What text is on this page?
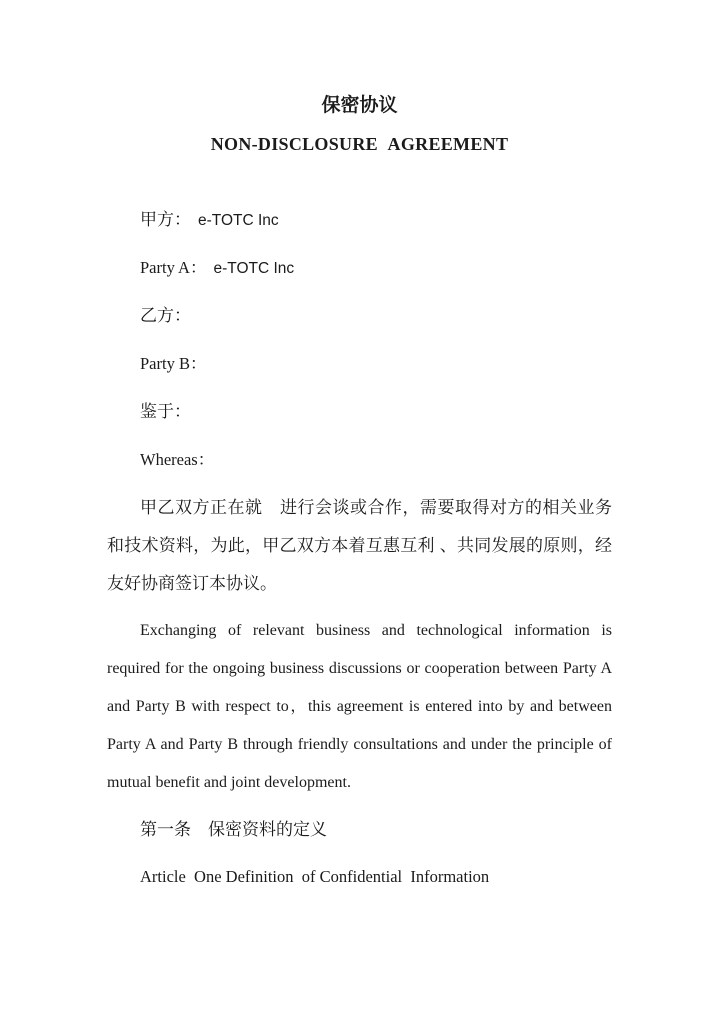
保密协议
NON-DISCLOSURE  AGREEMENT

甲方： e-TOTC Inc

Party A： e-TOTC Inc

乙方：

Party B：

鉴于：

Whereas：

甲乙双方正在就　进行会谈或合作，需要取得对方的相关业务和技术资料，为此，甲乙双方本着互惠互利 、共同发展的原则，经友好协商签订本协议。

Exchanging of relevant business and technological information is required for the ongoing business discussions or cooperation between Party A and Party B with respect to，this agreement is entered into by and between Party A and Party B through friendly consultations and under the principle of mutual benefit and joint development.

第一条　保密资料的定义

Article  One Definition  of Confidential  Information
